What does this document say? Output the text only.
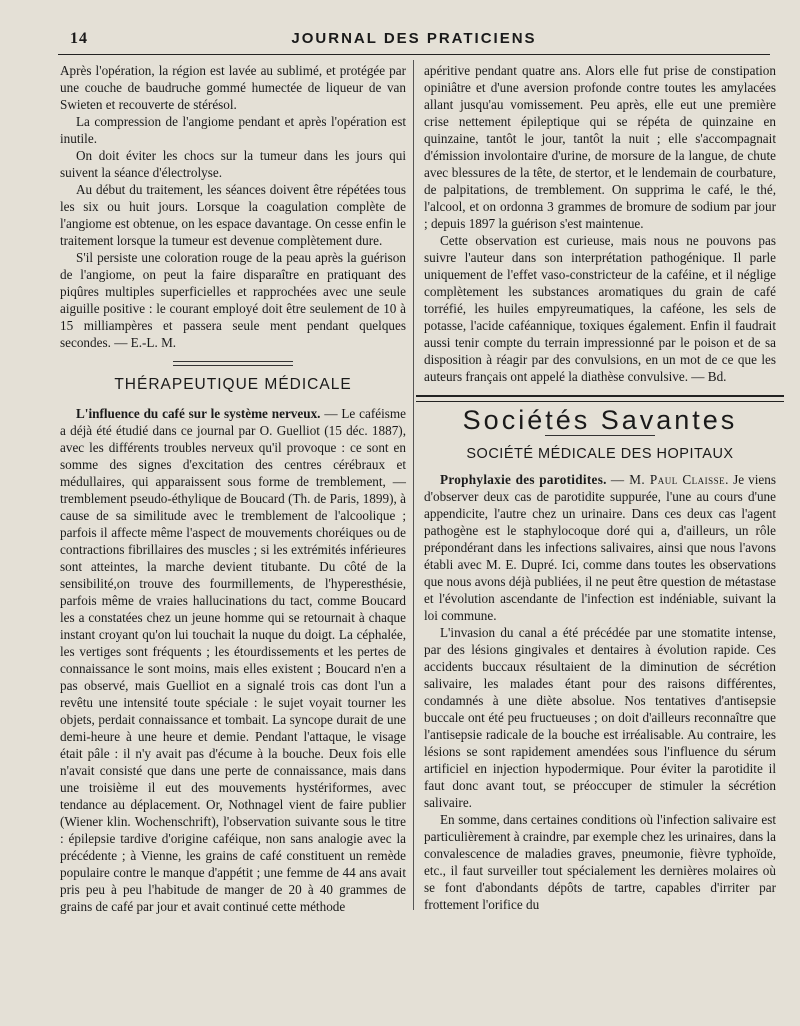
14	JOURNAL DES PRATICIENS

Après l'opération, la région est lavée au sublimé, et protégée par une couche de baudruche gommé humectée de liqueur de van Swieten et recouverte de stérésol.

La compression de l'angiome pendant et après l'opération est inutile.

On doit éviter les chocs sur la tumeur dans les jours qui suivent la séance d'électrolyse.

Au début du traitement, les séances doivent être répétées tous les six ou huit jours. Lorsque la coagulation complète de l'angiome est obtenue, on les espace davantage. On cesse enfin le traitement lorsque la tumeur est devenue complètement dure.

S'il persiste une coloration rouge de la peau après la guérison de l'angiome, on peut la faire disparaître en pratiquant des piqûres multiples superficielles et rapprochées avec une seule aiguille positive : le courant employé doit être seulement de 10 à 15 milliampères et passera seule ment pendant quelques secondes. — E.-L. M.

THÉRAPEUTIQUE MÉDICALE

L'influence du café sur le système nerveux. — Le caféisme a déjà été étudié dans ce journal par O. Guelliot (15 déc. 1887), avec les différents troubles nerveux qu'il provoque : ce sont en somme des signes d'excitation des centres cérébraux et médullaires, qui apparaissent sous forme de tremblement, — tremblement pseudo-éthylique de Boucard (Th. de Paris, 1899), à cause de sa similitude avec le tremblement de l'alcoolique ; parfois il affecte même l'aspect de mouvements choréiques ou de contractions fibrillaires des muscles ; si les extrémités inférieures sont atteintes, la marche devient titubante. Du côté de la sensibilité,on trouve des fourmillements, de l'hyperesthésie, parfois même de vraies hallucinations du tact, comme Boucard les a constatées chez un jeune homme qui se retournait à chaque instant croyant qu'on lui touchait la nuque du doigt. La céphalée, les vertiges sont fréquents ; les étourdissements et les pertes de connaissance le sont moins, mais elles existent ; Boucard n'en a pas observé, mais Guelliot en a signalé trois cas dont l'un a revêtu une intensité toute spéciale : le sujet voyait tourner les objets, perdait connaissance et tombait. La syncope durait de une demi-heure à une heure et demie. Pendant l'attaque, le visage était pâle : il n'y avait pas d'écume à la bouche. Deux fois elle n'avait consisté que dans une perte de connaissance, mais dans une troisième il eut des mouvements hystériformes, avec tendance au déplacement. Or, Nothnagel vient de faire publier (Wiener klin. Wochenschrift), l'observation suivante sous le titre : épilepsie tardive d'origine caféique, non sans analogie avec la précédente ; à Vienne, les grains de café constituent un remède populaire contre le manque d'appétit ; une femme de 44 ans avait pris peu à peu l'habitude de manger de 20 à 40 grammes de grains de café par jour et avait continué cette méthode

apéritive pendant quatre ans. Alors elle fut prise de constipation opiniâtre et d'une aversion profonde contre toutes les amylacées allant jusqu'au vomissement. Peu après, elle eut une première crise nettement épileptique qui se répéta de quinzaine en quinzaine, tantôt le jour, tantôt la nuit ; elle s'accompagnait d'émission involontaire d'urine, de morsure de la langue, de chute avec blessures de la tête, de stertor, et le lendemain de courbature, de palpitations, de tremblement. On supprima le café, le thé, l'alcool, et on ordonna 3 grammes de bromure de sodium par jour ; depuis 1897 la guérison s'est maintenue.

Cette observation est curieuse, mais nous ne pouvons pas suivre l'auteur dans son interprétation pathogénique. Il parle uniquement de l'effet vaso-constricteur de la caféine, et il néglige complètement les substances aromatiques du grain de café torréfié, les huiles empyreumatiques, la caféone, les sels de potasse, l'acide caféannique, toxiques également. Enfin il faudrait aussi tenir compte du terrain impressionné par le poison et de sa disposition à réagir par des convulsions, en un mot de ce que les auteurs français ont appelé la diathèse convulsive. — Bd.

Sociétés Savantes
SOCIÉTÉ MÉDICALE DES HOPITAUX

Prophylaxie des parotidites. — M. Paul Claisse. Je viens d'observer deux cas de parotidite suppurée, l'une au cours d'une appendicite, l'autre chez un urinaire. Dans ces deux cas l'agent pathogène est le staphylocoque doré qui a, d'ailleurs, un rôle prépondérant dans les infections salivaires, ainsi que nous l'avons établi avec M. E. Dupré. Ici, comme dans toutes les observations que nous avons déjà publiées, il ne peut être question de métastase et l'évolution ascendante de l'infection est indéniable, suivant la loi commune.

L'invasion du canal a été précédée par une stomatite intense, par des lésions gingivales et dentaires à évolution rapide. Ces accidents buccaux résultaient de la diminution de sécrétion salivaire, les malades étant pour des raisons différentes, condamnés à une diète absolue. Nos tentatives d'antisepsie buccale ont été peu fructueuses ; on doit d'ailleurs reconnaître que l'antisepsie radicale de la bouche est irréalisable. Au contraire, les lésions se sont rapidement amendées sous l'influence du sérum artificiel en injection hypodermique. Pour éviter la parotidite il faut donc avant tout, se préoccuper de stimuler la sécrétion salivaire.

En somme, dans certaines conditions où l'infection salivaire est particulièrement à craindre, par exemple chez les urinaires, dans la convalescence de maladies graves, pneumonie, fièvre typhoïde, etc., il faut surveiller tout spécialement les dernières molaires où se font d'abondants dépôts de tartre, capables d'irriter par frottement l'orifice du
